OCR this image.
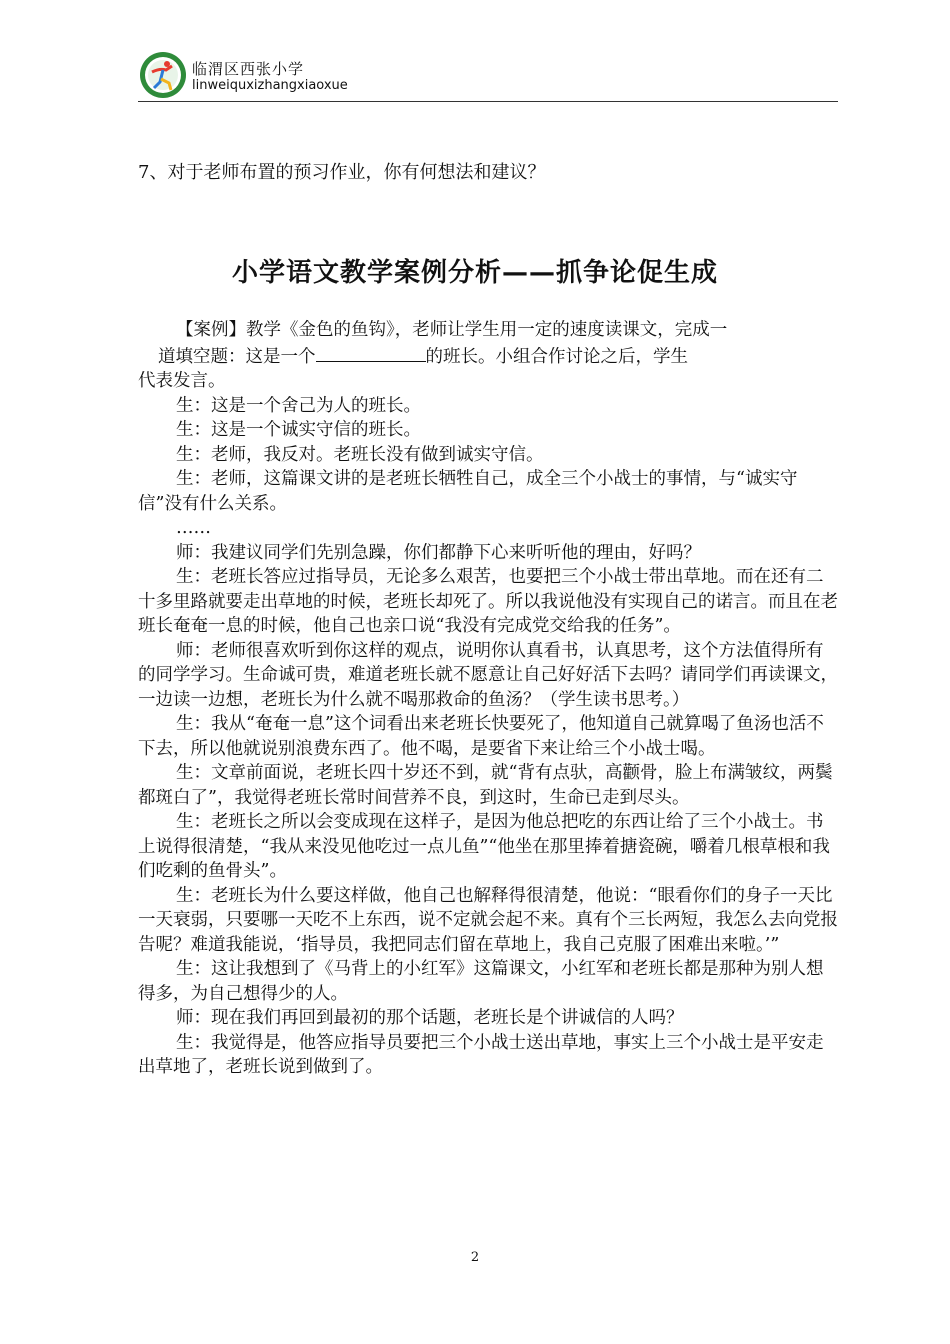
临渭区西张小学
linweiquxizhangxiaoxue
7、对于老师布置的预习作业，你有何想法和建议？
小学语文教学案例分析——抓争论促生成

【案例】教学《金色的鱼钩》，老师让学生用一定的速度读课文，完成一

道填空题：这是一个	的班长。小组合作讨论之后，学生

代表发言。

生：这是一个舍己为人的班长。

生：这是一个诚实守信的班长。

生：老师，我反对。老班长没有做到诚实守信。

生：老师，这篇课文讲的是老班长牺牲自己，成全三个小战士的事情，与“诚实守信”没有什么关系。

……

师：我建议同学们先别急躁，你们都静下心来听听他的理由，好吗？

生：老班长答应过指导员，无论多么艰苦，也要把三个小战士带出草地。而在还有二十多里路就要走出草地的时候，老班长却死了。所以我说他没有实现自己的诺言。而且在老班长奄奄一息的时候，他自己也亲口说“我没有完成党交给我的任务”。

师：老师很喜欢听到你这样的观点，说明你认真看书，认真思考，这个方法值得所有的同学学习。生命诚可贵，难道老班长就不愿意让自己好好活下去吗？请同学们再读课文，一边读一边想，老班长为什么就不喝那救命的鱼汤？（学生读书思考。）

生：我从“奄奄一息”这个词看出来老班长快要死了，他知道自己就算喝了鱼汤也活不下去，所以他就说别浪费东西了。他不喝，是要省下来让给三个小战士喝。

生：文章前面说，老班长四十岁还不到，就“背有点驮，高颧骨，脸上布满皱纹，两鬓都斑白了”，我觉得老班长常时间营养不良，到这时，生命已走到尽头。

生：老班长之所以会变成现在这样子，是因为他总把吃的东西让给了三个小战士。书上说得很清楚，“我从来没见他吃过一点儿鱼”“他坐在那里捧着搪瓷碗，嚼着几根草根和我们吃剩的鱼骨头”。

生：老班长为什么要这样做，他自己也解释得很清楚，他说：“眼看你们的身子一天比一天衰弱，只要哪一天吃不上东西，说不定就会起不来。真有个三长两短，我怎么去向党报告呢？难道我能说，‘指导员，我把同志们留在草地上，我自己克服了困难出来啦。’”

生：这让我想到了《马背上的小红军》这篇课文，小红军和老班长都是那种为别人想得多，为自己想得少的人。

师：现在我们再回到最初的那个话题，老班长是个讲诚信的人吗？

生：我觉得是，他答应指导员要把三个小战士送出草地，事实上三个小战士是平安走出草地了，老班长说到做到了。

2
